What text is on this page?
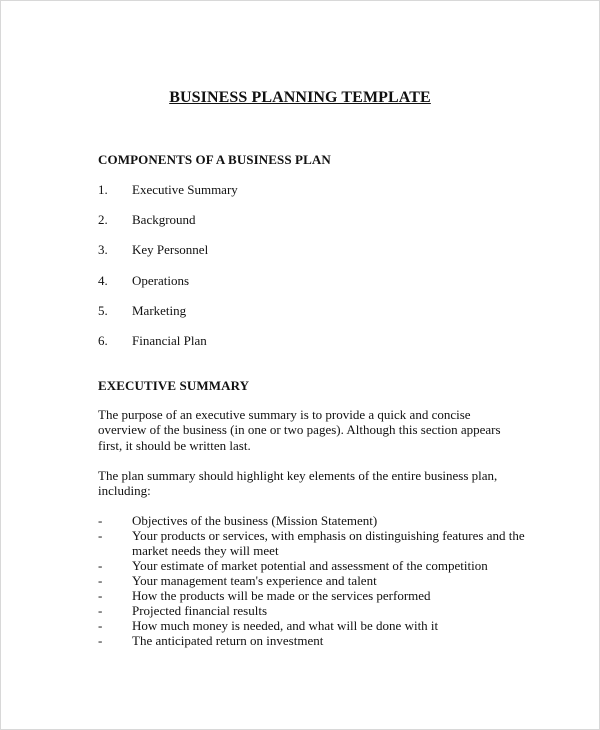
BUSINESS PLANNING TEMPLATE
COMPONENTS OF A BUSINESS PLAN
1.	Executive Summary
2.	Background
3.	Key Personnel
4.	Operations
5.	Marketing
6.	Financial Plan
EXECUTIVE SUMMARY

The purpose of an executive summary is to provide a quick and concise overview of the business (in one or two pages). Although this section appears first, it should be written last.

The plan summary should highlight key elements of the entire business plan, including:

- Objectives of the business (Mission Statement)
- Your products or services, with emphasis on distinguishing features and the market needs they will meet
- Your estimate of market potential and assessment of the competition
- Your management team's experience and talent
- How the products will be made or the services performed
- Projected financial results
- How much money is needed, and what will be done with it
- The anticipated return on investment
